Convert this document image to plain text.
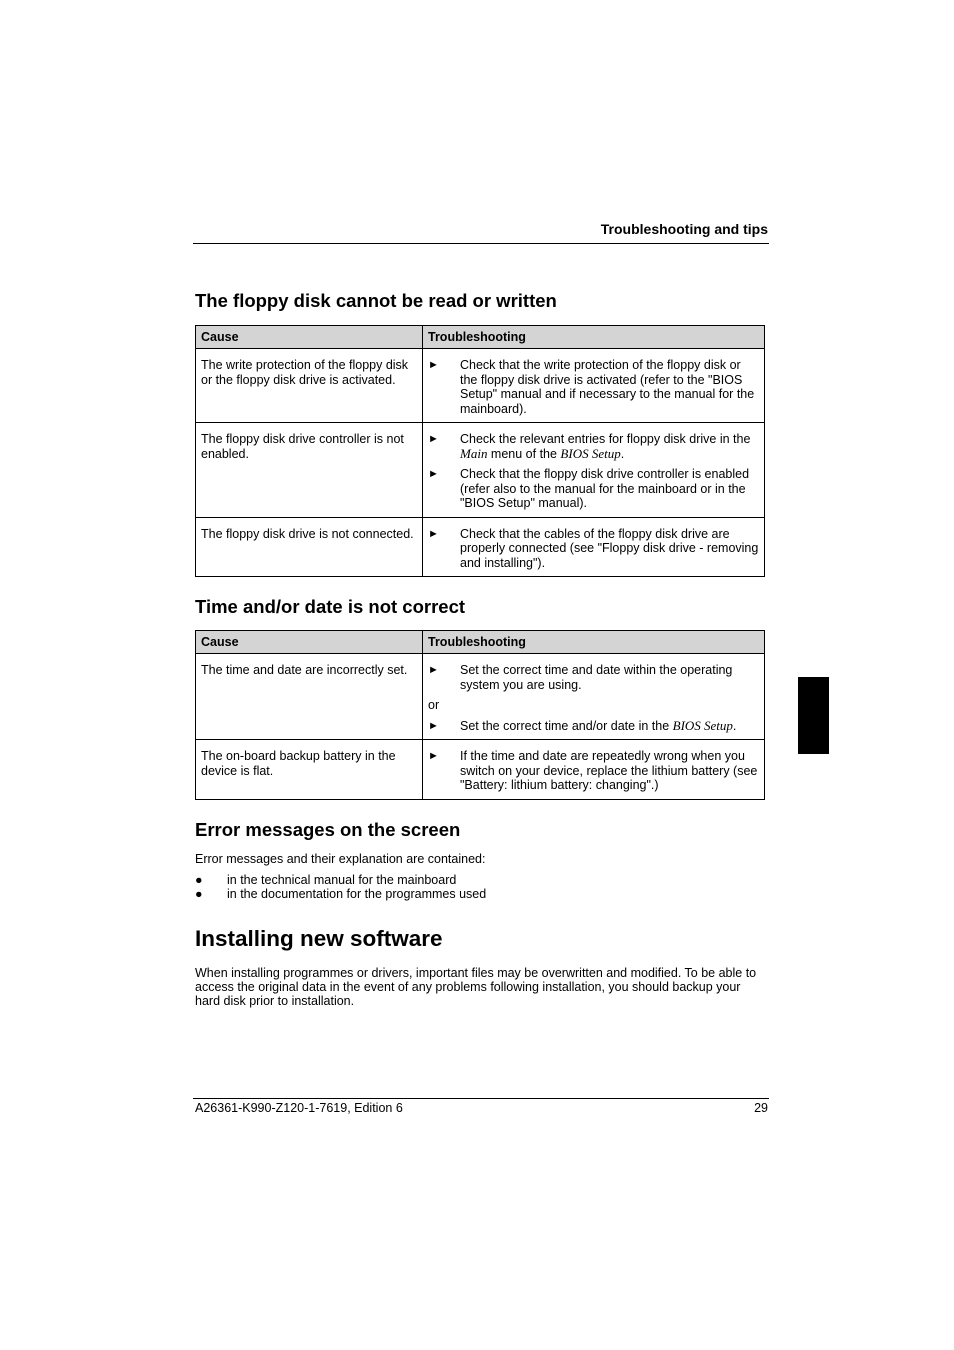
Troubleshooting and tips
The floppy disk cannot be read or written
Cause	Troubleshooting
The write protection of the floppy disk or the floppy disk drive is activated.	► Check that the write protection of the floppy disk or the floppy disk drive is activated (refer to the "BIOS Setup" manual and if necessary to the manual for the mainboard).

The floppy disk drive controller is not enabled.	► Check the relevant entries for floppy disk drive in the Main menu of the BIOS Setup.
► Check that the floppy disk drive controller is enabled (refer also to the manual for the mainboard or in the "BIOS Setup" manual).

The floppy disk drive is not connected.	► Check that the cables of the floppy disk drive are properly connected (see "Floppy disk drive - removing and installing").
Time and/or date is not correct
Cause	Troubleshooting
The time and date are incorrectly set.	► Set the correct time and date within the operating system you are using.
or
► Set the correct time and/or date in the BIOS Setup.

The on-board backup battery in the device is flat.	► If the time and date are repeatedly wrong when you switch on your device, replace the lithium battery (see "Battery: lithium battery: changing".)
Error messages on the screen
Error messages and their explanation are contained:
●	in the technical manual for the mainboard
●	in the documentation for the programmes used
Installing new software
When installing programmes or drivers, important files may be overwritten and modified. To be able to access the original data in the event of any problems following installation, you should backup your hard disk prior to installation.
A26361-K990-Z120-1-7619, Edition 6	29
